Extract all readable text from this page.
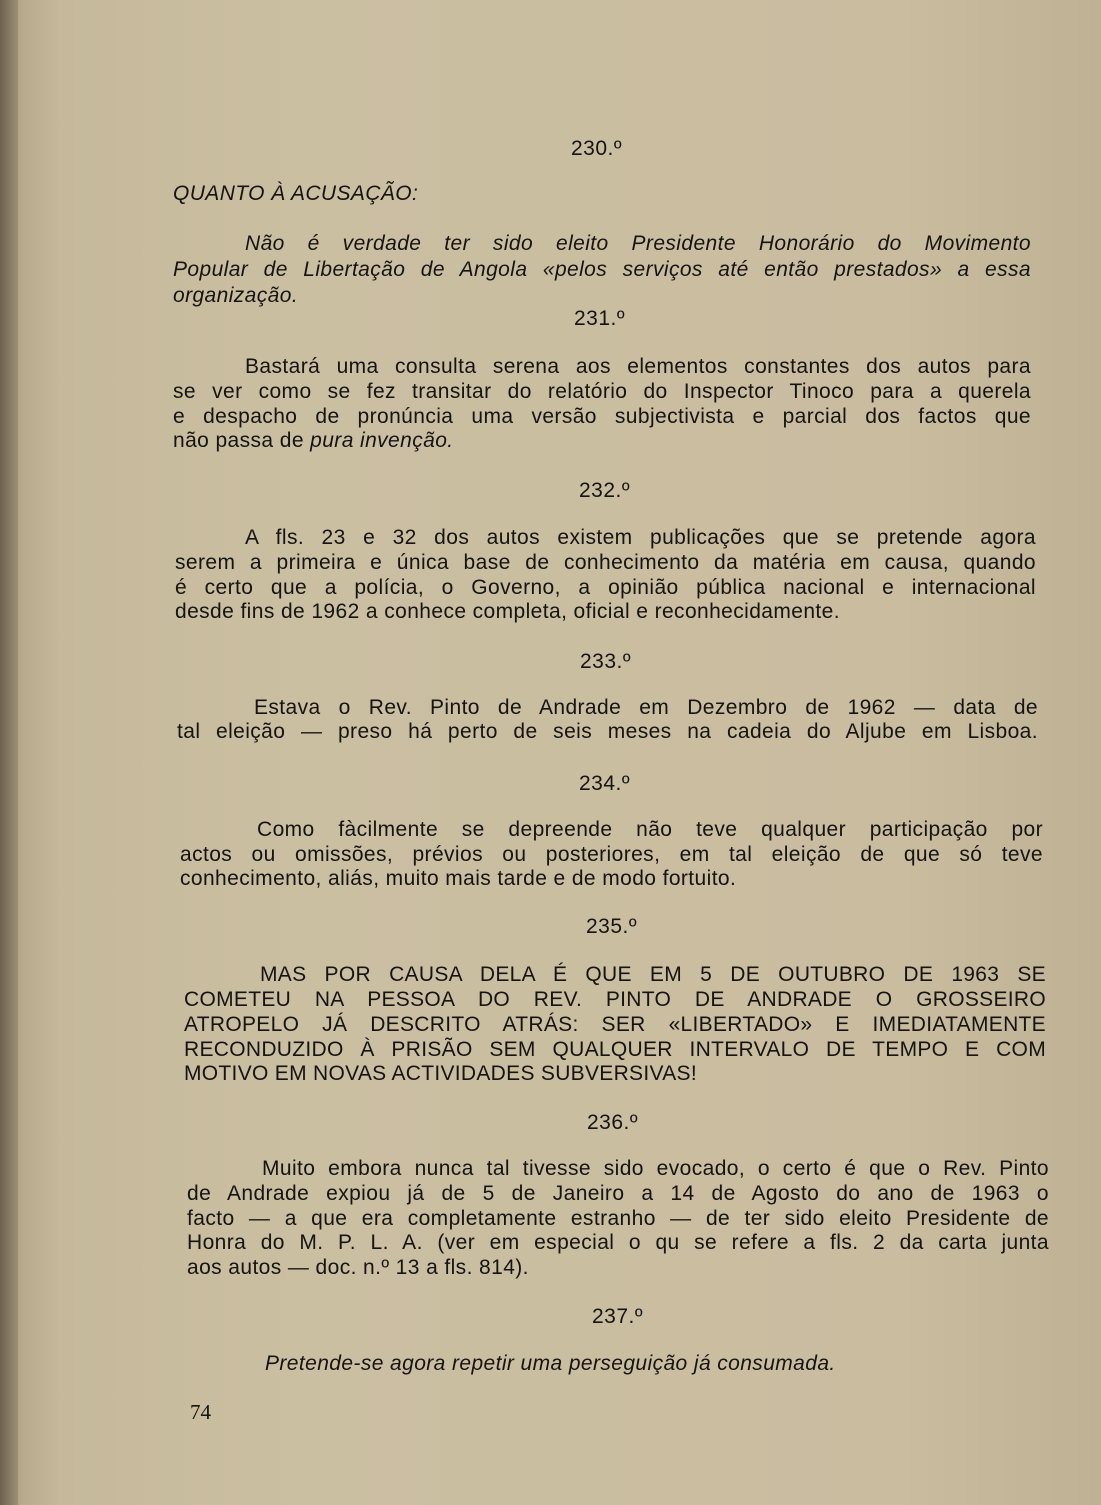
230.º
QUANTO À ACUSAÇÃO:
Não é verdade ter sido eleito Presidente Honorário do Movimento
Popular de Libertação de Angola «pelos serviços até então prestados» a essa
organização.
231.º
Bastará uma consulta serena aos elementos constantes dos autos para
se ver como se fez transitar do relatório do Inspector Tinoco para a querela
e despacho de pronúncia uma versão subjectivista e parcial dos factos que
não passa de pura invenção.
232.º
A fls. 23 e 32 dos autos existem publicações que se pretende agora
serem a primeira e única base de conhecimento da matéria em causa, quando
é certo que a polícia, o Governo, a opinião pública nacional e internacional
desde fins de 1962 a conhece completa, oficial e reconhecidamente.
233.º
Estava o Rev. Pinto de Andrade em Dezembro de 1962 — data de
tal eleição — preso há perto de seis meses na cadeia do Aljube em Lisboa.
234.º
Como fàcilmente se depreende não teve qualquer participação por
actos ou omissões, prévios ou posteriores, em tal eleição de que só teve
conhecimento, aliás, muito mais tarde e de modo fortuito.
235.º
MAS POR CAUSA DELA É QUE EM 5 DE OUTUBRO DE 1963 SE
COMETEU NA PESSOA DO REV. PINTO DE ANDRADE O GROSSEIRO
ATROPELO JÁ DESCRITO ATRÁS: SER «LIBERTADO» E IMEDIATAMENTE
RECONDUZIDO À PRISÃO SEM QUALQUER INTERVALO DE TEMPO E COM
MOTIVO EM NOVAS ACTIVIDADES SUBVERSIVAS!
236.º
Muito embora nunca tal tivesse sido evocado, o certo é que o Rev. Pinto
de Andrade expiou já de 5 de Janeiro a 14 de Agosto do ano de 1963 o
facto — a que era completamente estranho — de ter sido eleito Presidente de
Honra do M. P. L. A. (ver em especial o qu se refere a fls. 2 da carta junta
aos autos — doc. n.º 13 a fls. 814).
237.º
Pretende-se agora repetir uma perseguição já consumada.
74
